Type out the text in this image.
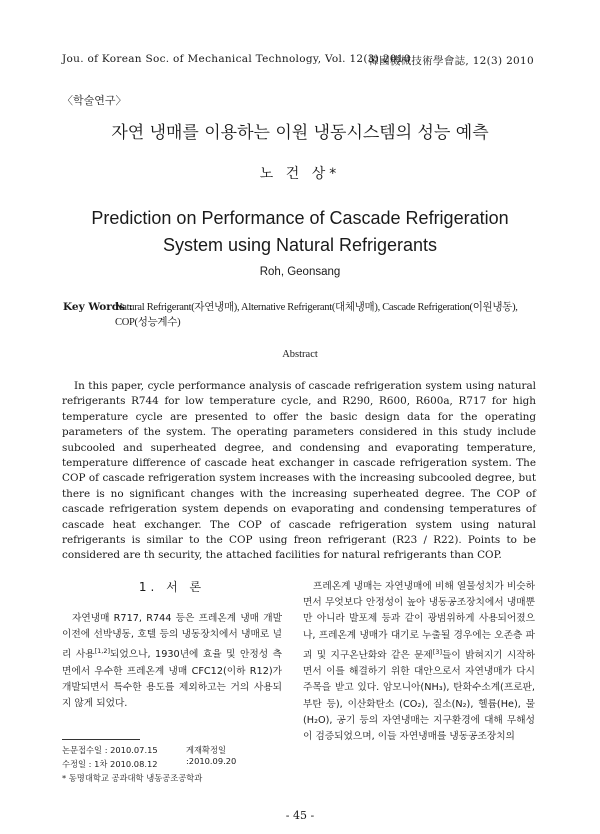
Jou. of Korean Soc. of Mechanical Technology, Vol. 12(3) 2010
韓國機械技術學會誌, 12(3) 2010
〈학술연구〉
자연 냉매를 이용하는 이원 냉동시스템의 성능 예측
노 건 상*
Prediction on Performance of Cascade Refrigeration
System using Natural Refrigerants
Roh, Geonsang
Key Words :
Natural Refrigerant(자연냉매), Alternative Refrigerant(대체냉매), Cascade Refrigeration(이원냉동), COP(성능계수)
Abstract
In this paper, cycle performance analysis of cascade refrigeration system using natural refrigerants R744 for low temperature cycle, and R290, R600, R600a, R717 for high temperature cycle are presented to offer the basic design data for the operating parameters of the system. The operating parameters considered in this study include subcooled and superheated degree, and condensing and evaporating temperature, temperature difference of cascade heat exchanger in cascade refrigeration system. The COP of cascade refrigeration system increases with the increasing subcooled degree, but there is no significant changes with the increasing superheated degree. The COP of cascade refrigeration system depends on evaporating and condensing temperatures of cascade heat exchanger. The COP of cascade refrigeration system using natural refrigerants is similar to the COP using freon refrigerant (R23 / R22). Points to be considered are th security, the attached facilities for natural refrigerants than COP.
1. 서 론
자연냉매 R717, R744 등은 프레온계 냉매 개발 이전에 선박냉동, 호텔 등의 냉동장치에서 냉매로 널리 사용[1,2]되었으나, 1930년에 효율 및 안정성 측면에서 우수한 프레온계 냉매 CFC12(이하 R12)가 개발되면서 특수한 용도를 제외하고는 거의 사용되지 않게 되었다.
프레온계 냉매는 자연냉매에 비해 열물성치가 비슷하면서 무엇보다 안정성이 높아 냉동공조장치에서 냉매뿐만 아니라 발포제 등과 같이 광범위하게 사용되어졌으나, 프레온계 냉매가 대기로 누출될 경우에는 오존층 파괴 및 지구온난화와 같은 문제[3]들이 밝혀지기 시작하면서 이를 해결하기 위한 대안으로서 자연냉매가 다시 주목을 받고 있다. 암모니아(NH₃), 탄화수소계(프로판, 부탄 등), 이산화탄소 (CO₂), 질소(N₂), 헬륨(He), 물(H₂O), 공기 등의 자연냉매는 지구환경에 대해 무해성이 검증되었으며, 이들 자연냉매를 냉동공조장치의
논문접수일 : 2010.07.15	게재확정일 :2010.09.20
수정일 : 1차 2010.08.12
* 동명대학교 공과대학 냉동공조공학과
- 45 -
